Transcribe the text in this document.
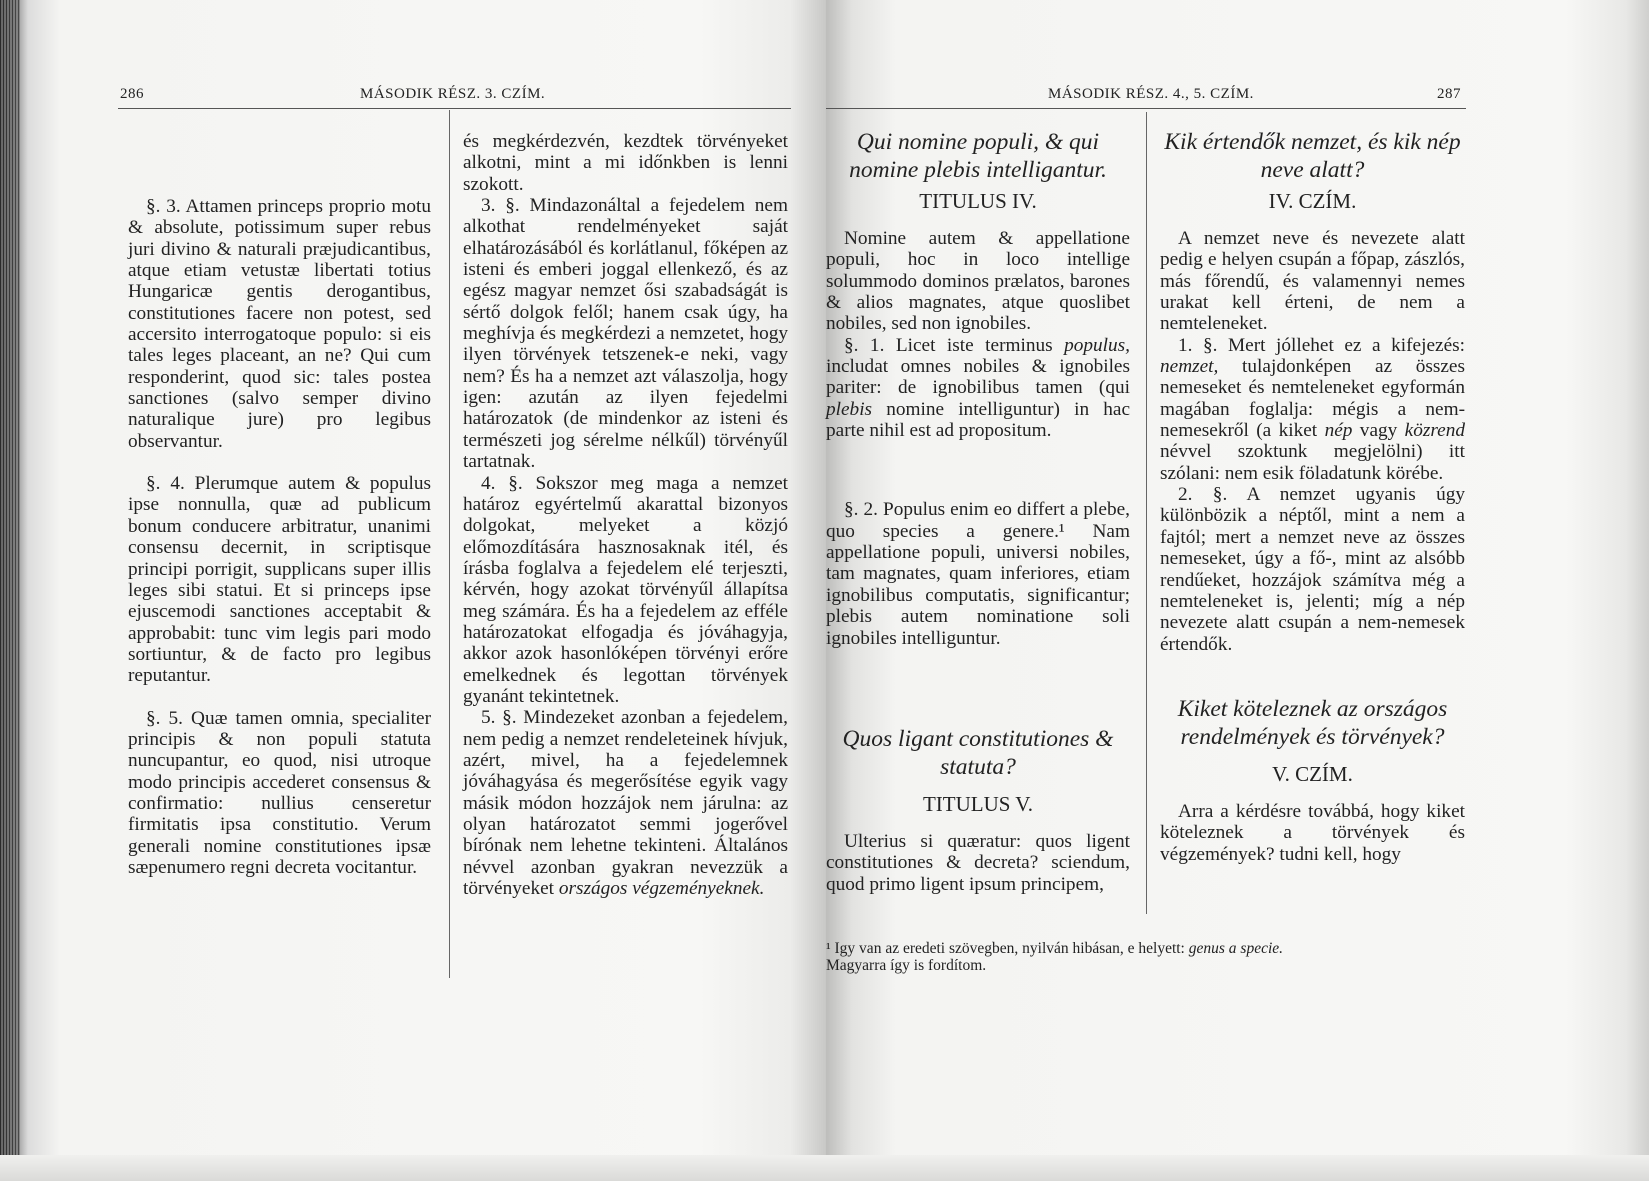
286	MÁSODIK RÉSZ. 3. CZÍM.

§. 3. Attamen princeps proprio motu & absolute, potissimum super rebus juri divino & naturali præjudicantibus, atque etiam vetustæ libertati totius Hungaricæ gentis derogantibus, constitutiones facere non potest, sed accersito interrogatoque populo: si eis tales leges placeant, an ne? Qui cum responderint, quod sic: tales postea sanctiones (salvo semper divino naturalique jure) pro legibus observantur.

§. 4. Plerumque autem & populus ipse nonnulla, quæ ad publicum bonum conducere arbitratur, unanimi consensu decernit, in scriptisque principi porrigit, supplicans super illis leges sibi statui. Et si princeps ipse ejuscemodi sanctiones acceptabit & approbabit: tunc vim legis pari modo sortiuntur, & de facto pro legibus reputantur.

§. 5. Quæ tamen omnia, specialiter principis & non populi statuta nuncupantur, eo quod, nisi utroque modo principis accederet consensus & confirmatio: nullius censeretur firmitatis ipsa constitutio. Verum generali nomine constitutiones ipsæ sæpenumero regni decreta vocitantur.

és megkérdezvén, kezdtek törvényeket alkotni, mint a mi időnkben is lenni szokott.

3. §. Mindazonáltal a fejedelem nem alkothat rendelményeket saját elhatározásából és korlátlanul, főképen az isteni és emberi joggal ellenkező, és az egész magyar nemzet ősi szabadságát is sértő dolgok felől; hanem csak úgy, ha meghívja és megkérdezi a nemzetet, hogy ilyen törvények tetszenek-e neki, vagy nem? És ha a nemzet azt válaszolja, hogy igen: azután az ilyen fejedelmi határozatok (de mindenkor az isteni és természeti jog sérelme nélkűl) törvényűl tartatnak.

4. §. Sokszor meg maga a nemzet határoz egyértelmű akarattal bizonyos dolgokat, melyeket a közjó előmozdítására hasznosaknak itél, és írásba foglalva a fejedelem elé terjeszti, kérvén, hogy azokat törvényűl állapítsa meg számára. És ha a fejedelem az efféle határozatokat elfogadja és jóváhagyja, akkor azok hasonlóképen törvényi erőre emelkednek és legottan törvények gyanánt tekintetnek.

5. §. Mindezeket azonban a fejedelem, nem pedig a nemzet rendeleteinek hívjuk, azért, mivel, ha a fejedelemnek jóváhagyása és megerősítése egyik vagy másik módon hozzájok nem járulna: az olyan határozatot semmi jogerővel bírónak nem lehetne tekinteni. Általános névvel azonban gyakran nevezzük a törvényeket országos végzeményeknek.

MÁSODIK RÉSZ. 4., 5. CZÍM.	287
Qui nomine populi, & qui nomine plebis intelligantur.
TITULUS IV.

Nomine autem & appellatione populi, hoc in loco intellige solummodo dominos prælatos, barones & alios magnates, atque quoslibet nobiles, sed non ignobiles.

§. 1. Licet iste terminus populus, includat omnes nobiles & ignobiles pariter: de ignobilibus tamen (qui plebis nomine intelliguntur) in hac parte nihil est ad propositum.

§. 2. Populus enim eo differt a plebe, quo species a genere.¹ Nam appellatione populi, universi nobiles, tam magnates, quam inferiores, etiam ignobilibus computatis, significantur; plebis autem nominatione soli ignobiles intelliguntur.

Quos ligant constitutiones & statuta?
TITULUS V.

Ulterius si quæratur: quos ligent constitutiones & decreta? sciendum, quod primo ligent ipsum principem,

Kik értendők nemzet, és kik nép neve alatt?
IV. CZÍM.

A nemzet neve és nevezete alatt pedig e helyen csupán a főpap, zászlós, más főrendű, és valamennyi nemes urakat kell érteni, de nem a nemteleneket.

1. §. Mert jóllehet ez a kifejezés: nemzet, tulajdonképen az összes nemeseket és nemteleneket egyformán magában foglalja: mégis a nem-nemesekről (a kiket nép vagy közrend névvel szoktunk megjelölni) itt szólani: nem esik föladatunk körébe.

2. §. A nemzet ugyanis úgy különbözik a néptől, mint a nem a fajtól; mert a nemzet neve az összes nemeseket, úgy a fő-, mint az alsóbb rendűeket, hozzájok számítva még a nemteleneket is, jelenti; míg a nép nevezete alatt csupán a nem-nemesek értendők.

Kiket köteleznek az országos rendelmények és törvények?
V. CZÍM.

Arra a kérdésre továbbá, hogy kiket köteleznek a törvények és végzemények? tudni kell, hogy

¹ Igy van az eredeti szövegben, nyilván hibásan, e helyett: genus a specie.
Magyarra így is fordítom.
